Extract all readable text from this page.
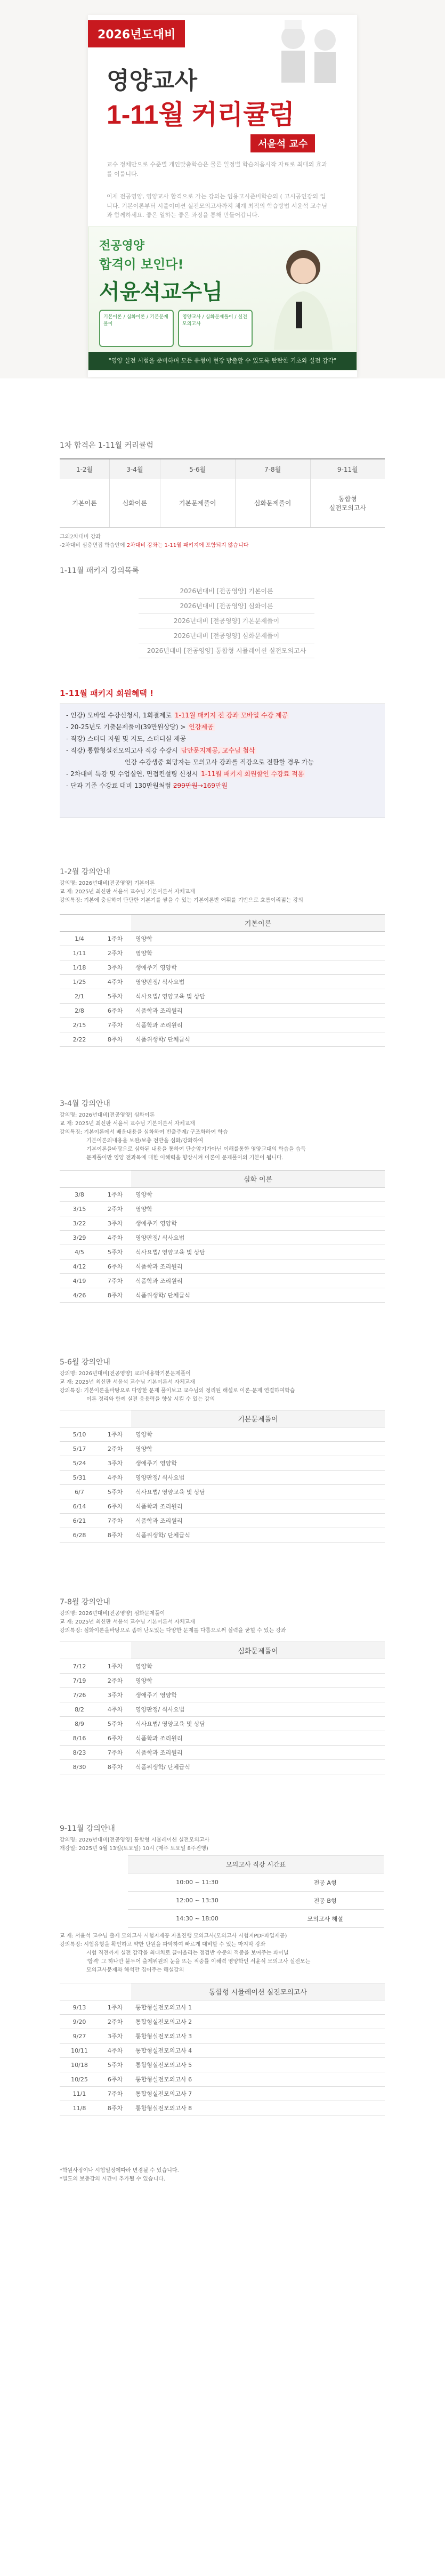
2026년도대비
영양교사
1-11월 커리큘럼
서윤석 교수
교수 정체만으로 수준별 개인맞춤학습은 물론 일정별 학습처음시작 자료로 최대의 효과를 이룹니다.
이제 전공영양, 영양교사 합격으로 가는 강의는 임용고시준비학습의 ( 고시공인강의 입니다. 기본이론부터 시졸이미션 실전모의고사까지 체계 최적의 학습방법 서윤석 교수님과 함께하세요. 좋은 일하는 좋은 과정을 통해 만들어갑니다.
전공영양
합격이 보인다!
서윤석교수님
기본이론 / 심화이론 / 기본문제풀이
영양교사 / 심화문제풀이 / 실전모의고사
"영양 실전 시험을 준비하며 모든 유형이 현장 방출할 수 있도록 탄탄한 기초와 실전 감각"
1차 합격은 1-11월 커리큘럼
1-2월	3-4월	5-6월	7-8월	9-11월
기본이론	심화이론	기본문제풀이	심화문제풀이	통합형
실전모의고사
그외2차대비 강좌
-2차대비 심층면접 학습안에 2차대비 강좌는 1-11월 패키지에 포함되지 않습니다
1-11월 패키지 강의목록
2026년대비 [전공영양] 기본이론
2026년대비 [전공영양] 심화이론
2026년대비 [전공영양] 기본문제풀이
2026년대비 [전공영양] 심화문제풀이
2026년대비 [전공영양] 통합형 시뮬레이션 실전모의고사
1-11월 패키지 회원혜택 !

- 인강) 모바일 수강신청시, 1회결제로 1-11월 패키지 전 강좌 모바일 수강 제공

- 20-25년도 기출문제풀이(39만원상당) > 인강제공

- 직강) 스터디 지원 및 지도, 스터디실 제공

- 직강) 통합형실전모의고사 직강 수강시 답안문지제공, 교수님 첨삭

인강 수강생중 희망자는 모의고사 강좌를 직강으로 전환할 경우 가능

- 2차대비 특강 및 수업실연, 면접컨설팅 신청시 1-11월 패키지 회원할인 수강료 적용

- 단과 기준 수강료 대비 130만원처럼 299만원→169만원

1-2월 강의안내
강의명: 2026년대비[전공영양] 기본이론
교 재: 2025년 최신판 서윤석 교수님 기본이론서 자체교재
강의특징: 기본에 충실하여 단단한 기본기를 쌓을 수 있는 기본이론반 어휘를 기반으로 흐름이리젊는 강의
		기본이론
1/4	1주차	영양학
1/11	2주차	영양학
1/18	3주차	생애주기 영양학
1/25	4주차	영양판정/ 식사요법
2/1	5주차	식사요법/ 영양교육 및 상담
2/8	6주차	식품학과 조리원리
2/15	7주차	식품학과 조리원리
2/22	8주차	식품위생학/ 단체급식
3-4월 강의안내
강의명: 2026년대비[전공영양] 심화이론
교 재: 2025년 최신판 서윤석 교수님 기본이론서 자체교재
강의특징: 기본이론에서 배운내용을 심화하여 빈출주제/ 구조화하여 학습
기본이론의내용을 보완/보충 전반을 심화/강화하여
기본이론을바탕으로 심화된 내용을 통하여 단순암기가아닌 이해를통한 영양교대의 학습을 습득
문제풀이만 영양 전과목에 대한 이해력을 향상시켜 이론이 문제풀이의 기본이 됩니다.
		심화 이론
3/8	1주차	영양학
3/15	2주차	영양학
3/22	3주차	생애주기 영양학
3/29	4주차	영양판정/ 식사요법
4/5	5주차	식사요법/ 영양교육 및 상담
4/12	6주차	식품학과 조리원리
4/19	7주차	식품학과 조리원리
4/26	8주차	식품위생학/ 단체급식
5-6월 강의안내
강의명: 2026년대비[전공영양] 교과내용학기본문제풀이
교 재: 2025년 최신판 서윤석 교수님 기본이론서 자체교재
강의특징: 기본이론을바탕으로 다양한 문제 풀이보고 교수님의 정리된 해설로 이론-문제 연결하여학습
이론 정리와 함께 실전 응용력을 향상 시킬 수 있는 강의
		기본문제풀이
5/10	1주차	영양학
5/17	2주차	영양학
5/24	3주차	생애주기 영양학
5/31	4주차	영양판정/ 식사요법
6/7	5주차	식사요법/ 영양교육 및 상담
6/14	6주차	식품학과 조리원리
6/21	7주차	식품학과 조리원리
6/28	8주차	식품위생학/ 단체급식
7-8월 강의안내
강의명: 2026년대비[전공영양] 심화문제풀이
교 재: 2025년 최신판 서윤석 교수님 기본이론서 자체교재
강의특징: 심화이론을바탕으로 좀더 난도있는 다양한 문제를 다룸으로써 실력을 굳힐 수 있는 강좌
		심화문제풀이
7/12	1주차	영양학
7/19	2주차	영양학
7/26	3주차	생애주기 영양학
8/2	4주차	영양판정/ 식사요법
8/9	5주차	식사요법/ 영양교육 및 상담
8/16	6주차	식품학과 조리원리
8/23	7주차	식품학과 조리원리
8/30	8주차	식품위생학/ 단체급식
9-11월 강의안내
강의명: 2026년대비[전공영양] 통합형 시뮬레이션 실전모의고사
개강일: 2025년 9월 13일(토요일) 10시 (매주 토요일 8주진행)
모의고사 직강 시간표	
10:00 ~ 11:30	전공 A형
12:00 ~ 13:30	전공 B형
14:30 ~ 18:00	모의고사 해설
교 재: 서윤석 교수님 출제 모의고사 시험지제공 자율진행 모의고사(모의고사 시험지PDF파일제공)
강의특징: 시험유형을 확인하고 약한 단원을 파악하여 빠르게 대비할 수 있는 마지막 강좌
시험 직전까지 실전 감각을 최대치로 끌어올리는 점검반 수준의 적중을 보여주는 파이널
'합격' 그 하나만 붙두어 출제위원의 눈을 뜨는 적중률 이해력 영양학인 서윤석 모의고사 실전모는
모의고사문제와 해석만 집어주는 해설강의
		통합형 시뮬레이션 실전모의고사
9/13	1주차	통합형실전모의고사 1
9/20	2주차	통합형실전모의고사 2
9/27	3주차	통합형실전모의고사 3
10/11	4주차	통합형실전모의고사 4
10/18	5주차	통합형실전모의고사 5
10/25	6주차	통합형실전모의고사 6
11/1	7주차	통합형실전모의고사 7
11/8	8주차	통합형실전모의고사 8
*학원사정이나 시험일정에따라 변경될 수 있습니다.
*별도의 보충강의 시간이 추가될 수 있습니다.
